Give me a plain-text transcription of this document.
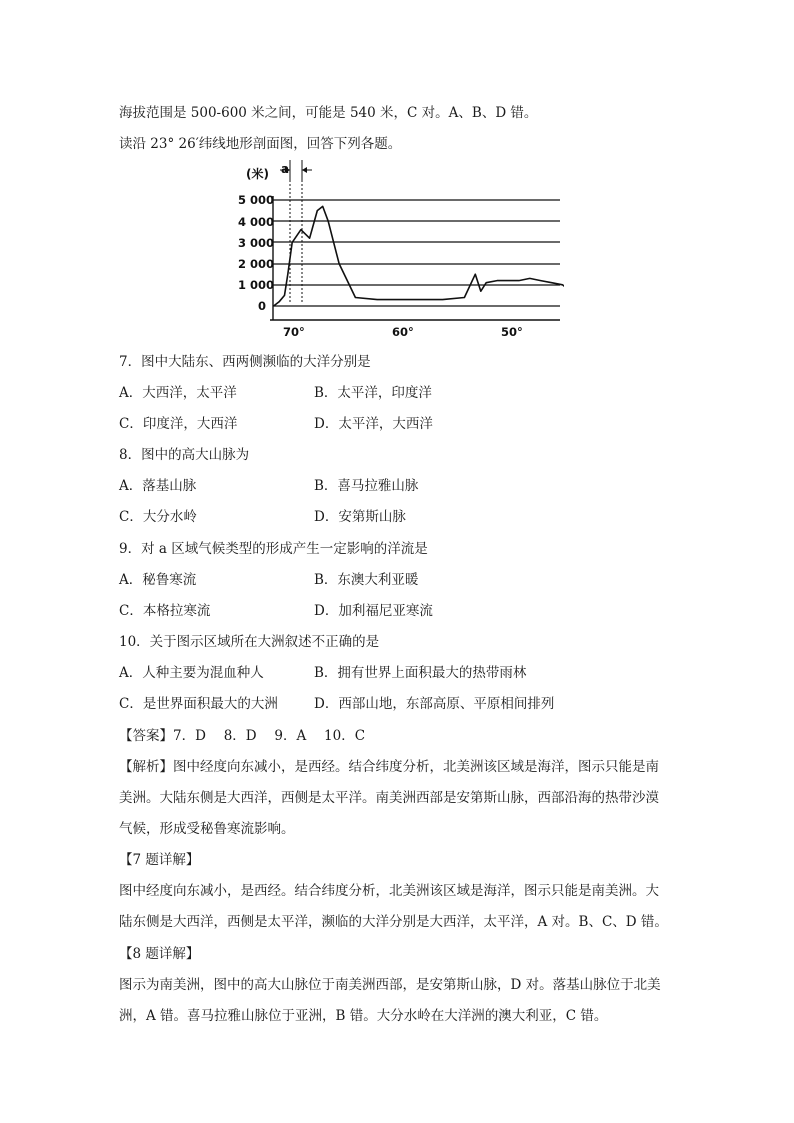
海拔范围是 500-600 米之间，可能是 540 米，C 对。A、B、D 错。
读沿 23° 26′纬线地形剖面图，回答下列各题。
(米) a
5 000
4 000
3 000
2 000
1 000
0
70°	60°	50°
7．图中大陆东、西两侧濒临的大洋分别是
A．大西洋，太平洋	B．太平洋，印度洋
C．印度洋，大西洋	D．太平洋，大西洋
8．图中的高大山脉为
A．落基山脉	B．喜马拉雅山脉
C．大分水岭	D．安第斯山脉
9．对 a 区域气候类型的形成产生一定影响的洋流是
A．秘鲁寒流	B．东澳大利亚暖
C．本格拉寒流	D．加利福尼亚寒流
10．关于图示区域所在大洲叙述不正确的是
A．人种主要为混血种人	B．拥有世界上面积最大的热带雨林
C．是世界面积最大的大洲	D．西部山地，东部高原、平原相间排列
【答案】7．D　 8．D　 9．A　 10．C
【解析】图中经度向东减小，是西经。结合纬度分析，北美洲该区域是海洋，图示只能是南
美洲。大陆东侧是大西洋，西侧是太平洋。南美洲西部是安第斯山脉，西部沿海的热带沙漠
气候，形成受秘鲁寒流影响。
【7 题详解】
图中经度向东减小，是西经。结合纬度分析，北美洲该区域是海洋，图示只能是南美洲。大
陆东侧是大西洋，西侧是太平洋，濒临的大洋分别是大西洋，太平洋，A 对。B、C、D 错。
【8 题详解】
图示为南美洲，图中的高大山脉位于南美洲西部，是安第斯山脉，D 对。落基山脉位于北美
洲，A 错。喜马拉雅山脉位于亚洲，B 错。大分水岭在大洋洲的澳大利亚，C 错。
